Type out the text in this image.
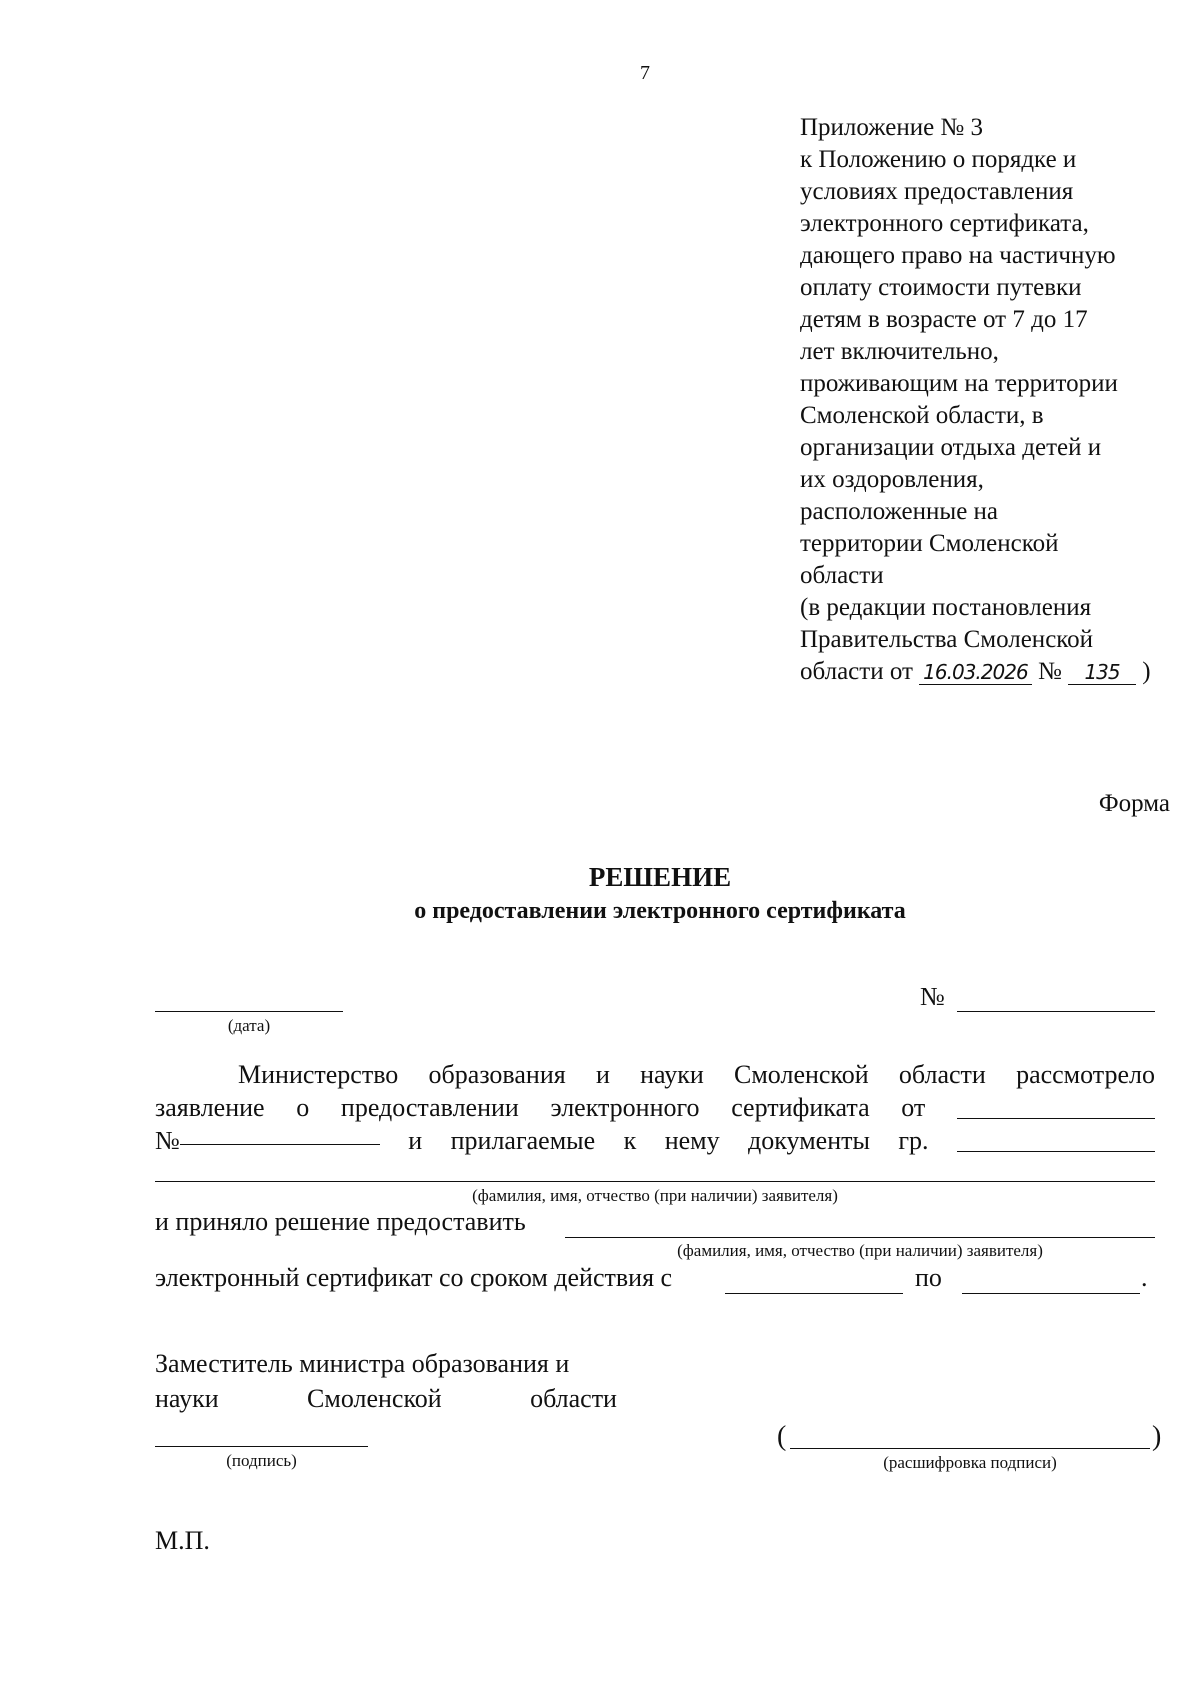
7
Приложение № 3
к Положению о порядке и
условиях предоставления
электронного сертификата,
дающего право на частичную
оплату стоимости путевки
детям в возрасте от 7 до 17
лет включительно,
проживающим на территории
Смоленской области, в
организации отдыха детей и
их оздоровления,
расположенные на
территории Смоленской
области
(в редакции постановления
Правительства Смоленской
области от 16.03.2026 № 135 )
Форма
РЕШЕНИЕ
о предоставлении электронного сертификата
(дата)
№
Министерство образования и науки Смоленской области рассмотрело
заявление о предоставлении электронного сертификата от
№	и прилагаемые к нему документы гр.
(фамилия, имя, отчество (при наличии) заявителя)
и приняло решение предоставить
(фамилия, имя, отчество (при наличии) заявителя)
электронный сертификат со сроком действия с	по	.
Заместитель министра образования и
науки	Смоленской	области
(подпись)
(	)
(расшифровка подписи)
М.П.
